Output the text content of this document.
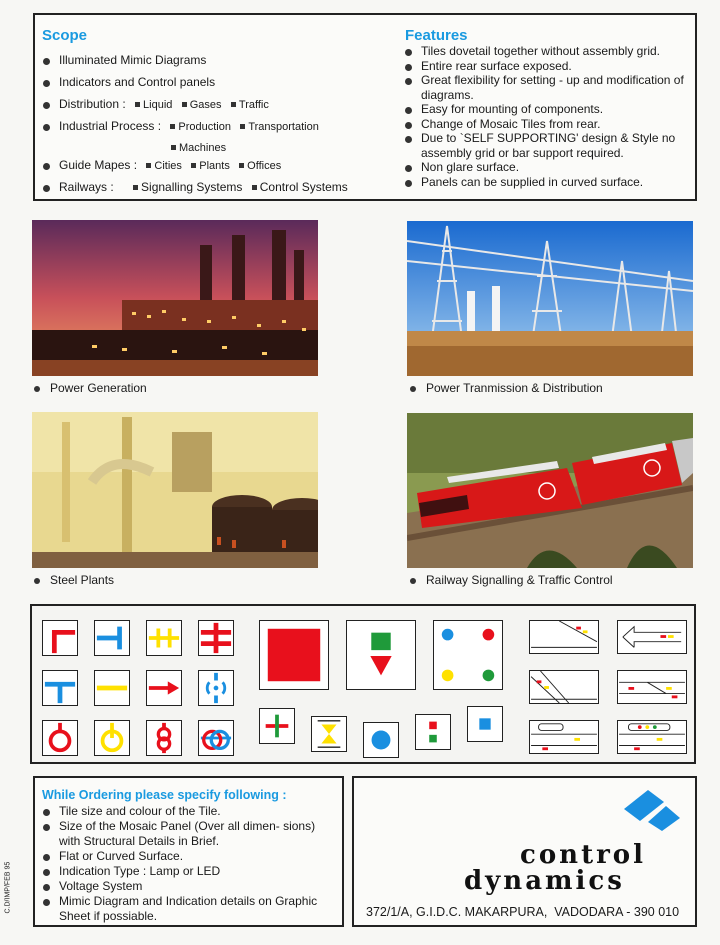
Scope
Illuminated Mimic Diagrams
Indicators and Control panels
Distribution : Liquid Gases Traffic
Industrial Process : Production Transportation
Machines
Guide Mapes : Cities Plants Offices
Railways : Signalling Systems Control Systems
Features
Tiles dovetail together without assembly grid.
Entire rear surface exposed.
Great flexibility for setting - up and modification of diagrams.
Easy for mounting of components.
Change of Mosaic Tiles from rear.
Due to `SELF SUPPORTING' design & Style no assembly grid or bar support required.
Non glare surface.
Panels can be supplied in curved surface.
Power Generation	Power Tranmission & Distribution
Steel Plants	Railway Signalling & Traffic Control
While Ordering please specify following :
Tile size and colour of the Tile.
Size of the Mosaic Panel (Over all dimen- sions) with Structural Details in Brief.
Flat or Curved Surface.
Indication Type : Lamp or LED
Voltage System
Mimic Diagram and Indication details on Graphic Sheet if possiable.
control
dynamics
372/1/A, G.I.D.C. MAKARPURA,  VADODARA - 390 010
C.D/IMP/FEB 95
